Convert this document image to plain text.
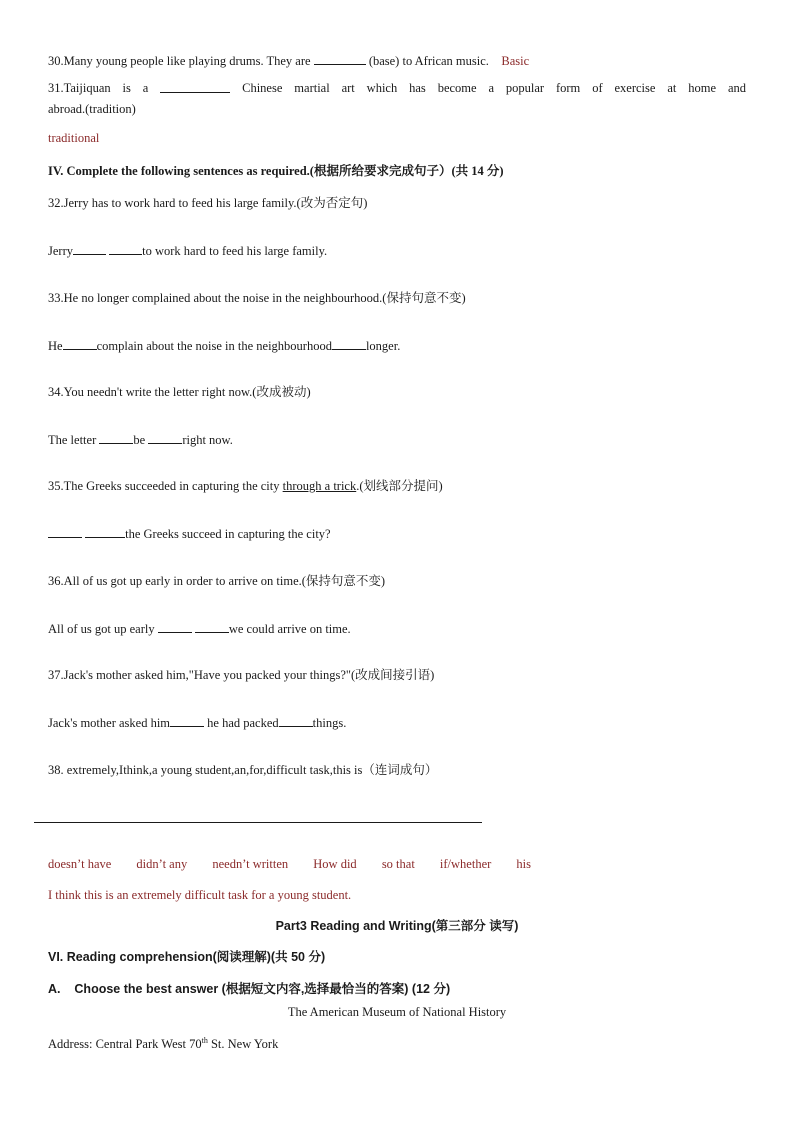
30.Many young people like playing drums. They are	(base) to African music. Basic
31.Taijiquan is a	Chinese martial art which has become a popular form of exercise at home and
abroad.(tradition)
traditional
IV. Complete the following sentences as required.(根据所给要求完成句子）(共 14 分)
32.Jerry has to work hard to feed his large family.(改为否定句)
Jerry	to work hard to feed his large family.
33.He no longer complained about the noise in the neighbourhood.(保持句意不变)
He	complain about the noise in the neighbourhood	longer.
34.You needn't write the letter right now.(改成被动)
The letter	be	right now.
35.The Greeks succeeded in capturing the city through a trick.(划线部分提问)
the Greeks succeed in capturing the city?
36.All of us got up early in order to arrive on time.(保持句意不变)
All of us got up early	we could arrive on time.
37.Jack's mother asked him,"Have you packed your things?"(改成间接引语)
Jack's mother asked him	he had packed	things.
38. extremely,Ithink,a young student,an,for,difficult task,this is（连词成句）
doesn’t have didn’t any needn’t written How did so that if/whether his
I think this is an extremely difficult task for a young student.
Part3 Reading and Writing(第三部分 读写)
VI. Reading comprehension(阅读理解)(共 50 分)
A. Choose the best answer (根据短文内容,选择最恰当的答案) (12 分)
The American Museum of National History
Address: Central Park West 70th St. New York
